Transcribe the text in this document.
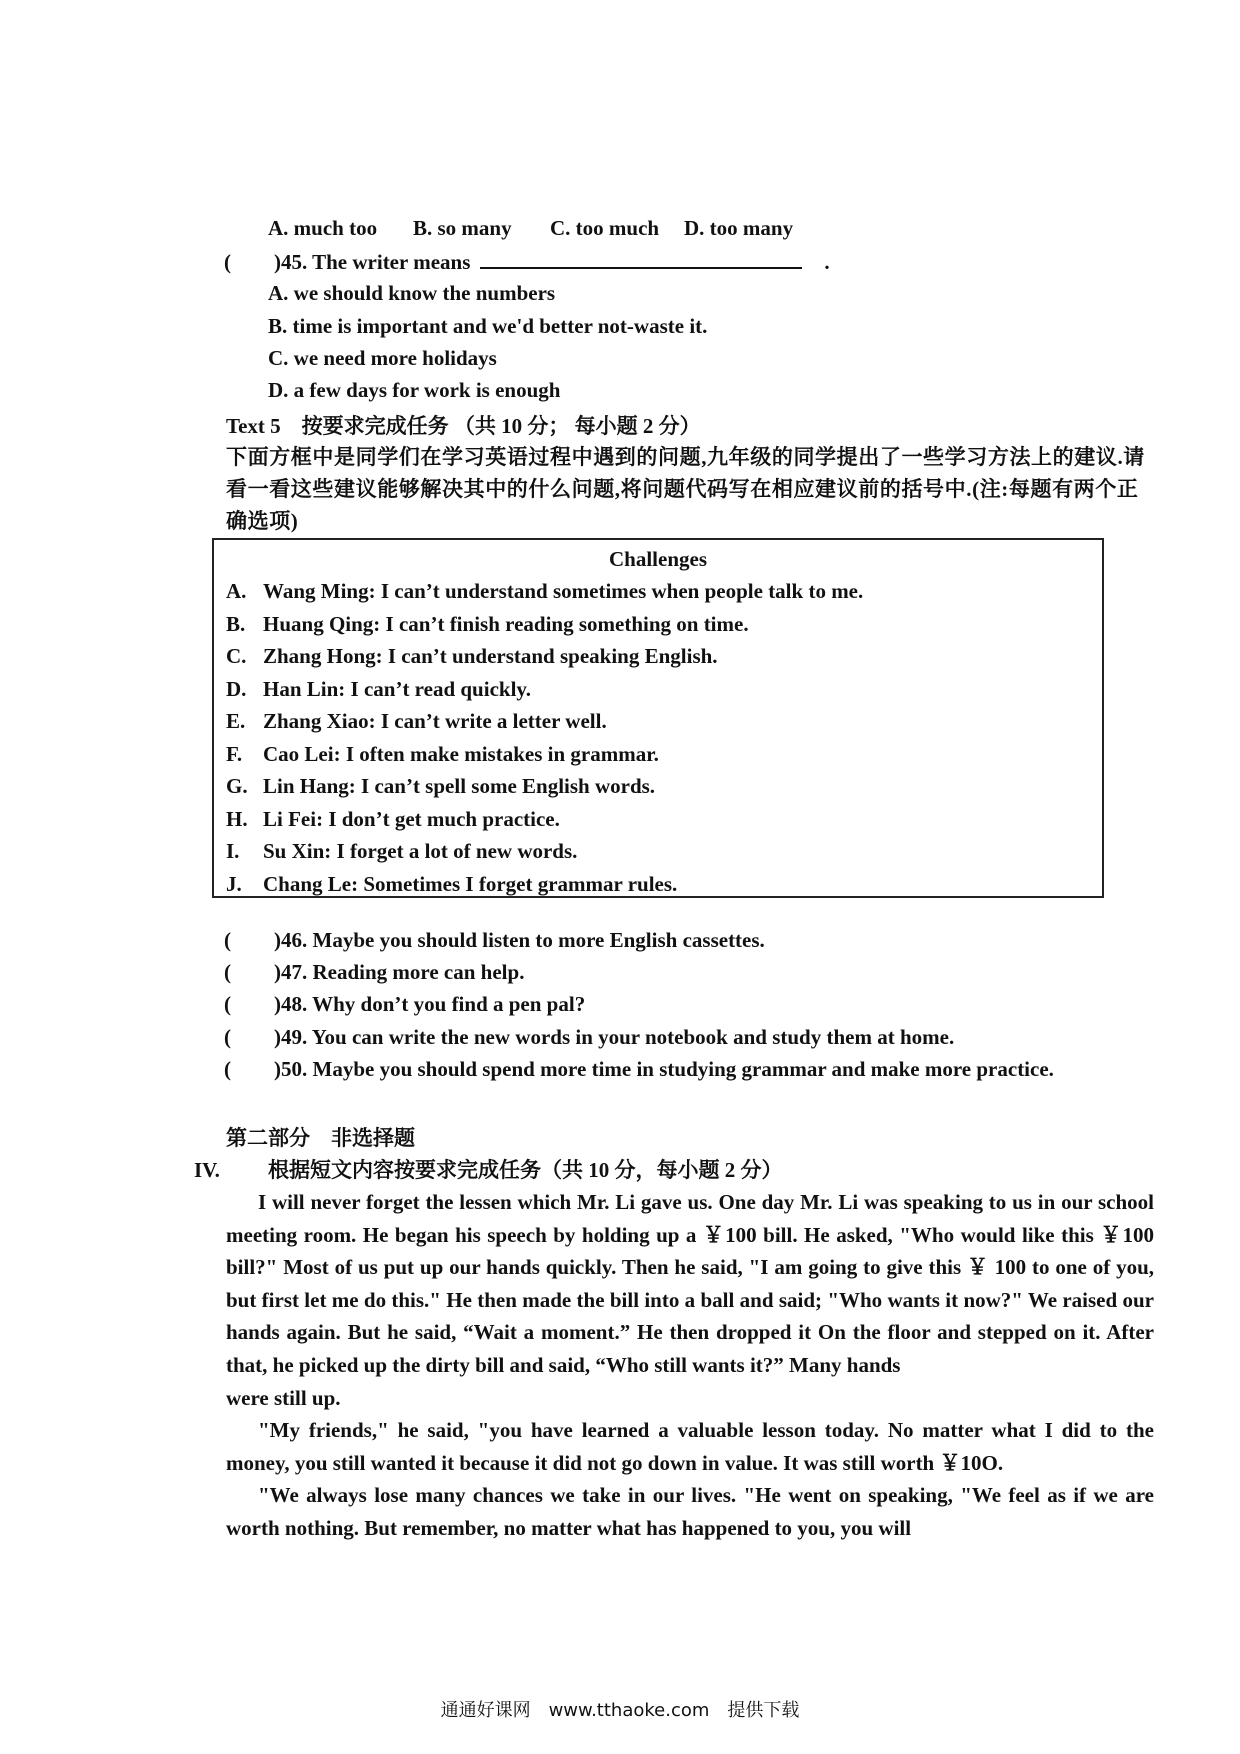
A. much too B. so many C. too much D. too many
( )45. The writer means	.
A. we should know the numbers
B. time is important and we'd better not-waste it.
C. we need more holidays
D. a few days for work is enough
Text 5　按要求完成任务 （共 10 分； 每小题 2 分）
下面方框中是同学们在学习英语过程中遇到的问题,九年级的同学提出了一些学习方法上的建议.请看一看这些建议能够解决其中的什么问题,将问题代码写在相应建议前的括号中.(注:每题有两个正确选项)
Challenges
A. Wang Ming: I can’t understand sometimes when people talk to me.
B. Huang Qing: I can’t finish reading something on time.
C. Zhang Hong: I can’t understand speaking English.
D. Han Lin: I can’t read quickly.
E. Zhang Xiao: I can’t write a letter well.
F. Cao Lei: I often make mistakes in grammar.
G. Lin Hang: I can’t spell some English words.
H. Li Fei: I don’t get much practice.
I. Su Xin: I forget a lot of new words.
J. Chang Le: Sometimes I forget grammar rules.
( )46. Maybe you should listen to more English cassettes.
( )47. Reading more can help.
( )48. Why don’t you find a pen pal?
( )49. You can write the new words in your notebook and study them at home.
( )50. Maybe you should spend more time in studying grammar and make more practice.
第二部分　非选择题
IV. 根据短文内容按要求完成任务（共 10 分，每小题 2 分）

I will never forget the lessen which Mr. Li gave us. One day Mr. Li was speaking to us in our school meeting room. He began his speech by holding up a ￥100 bill. He asked, "Who would like this ￥100 bill?" Most of us put up our hands quickly. Then he said, "I am going to give this ￥ 100 to one of you, but first let me do this." He then made the bill into a ball and said; "Who wants it now?" We raised our hands again. But he said, “Wait a moment.” He then dropped it On the floor and stepped on it. After that, he picked up the dirty bill and said, “Who still wants it?” Many hands

were still up.

"My friends," he said, "you have learned a valuable lesson today. No matter what I did to the money, you still wanted it because it did not go down in value. It was still worth ￥10O.

"We always lose many chances we take in our lives. "He went on speaking, "We feel as if we are worth nothing. But remember, no matter what has happened to you, you will

通通好课网　www.tthaoke.com　提供下载
